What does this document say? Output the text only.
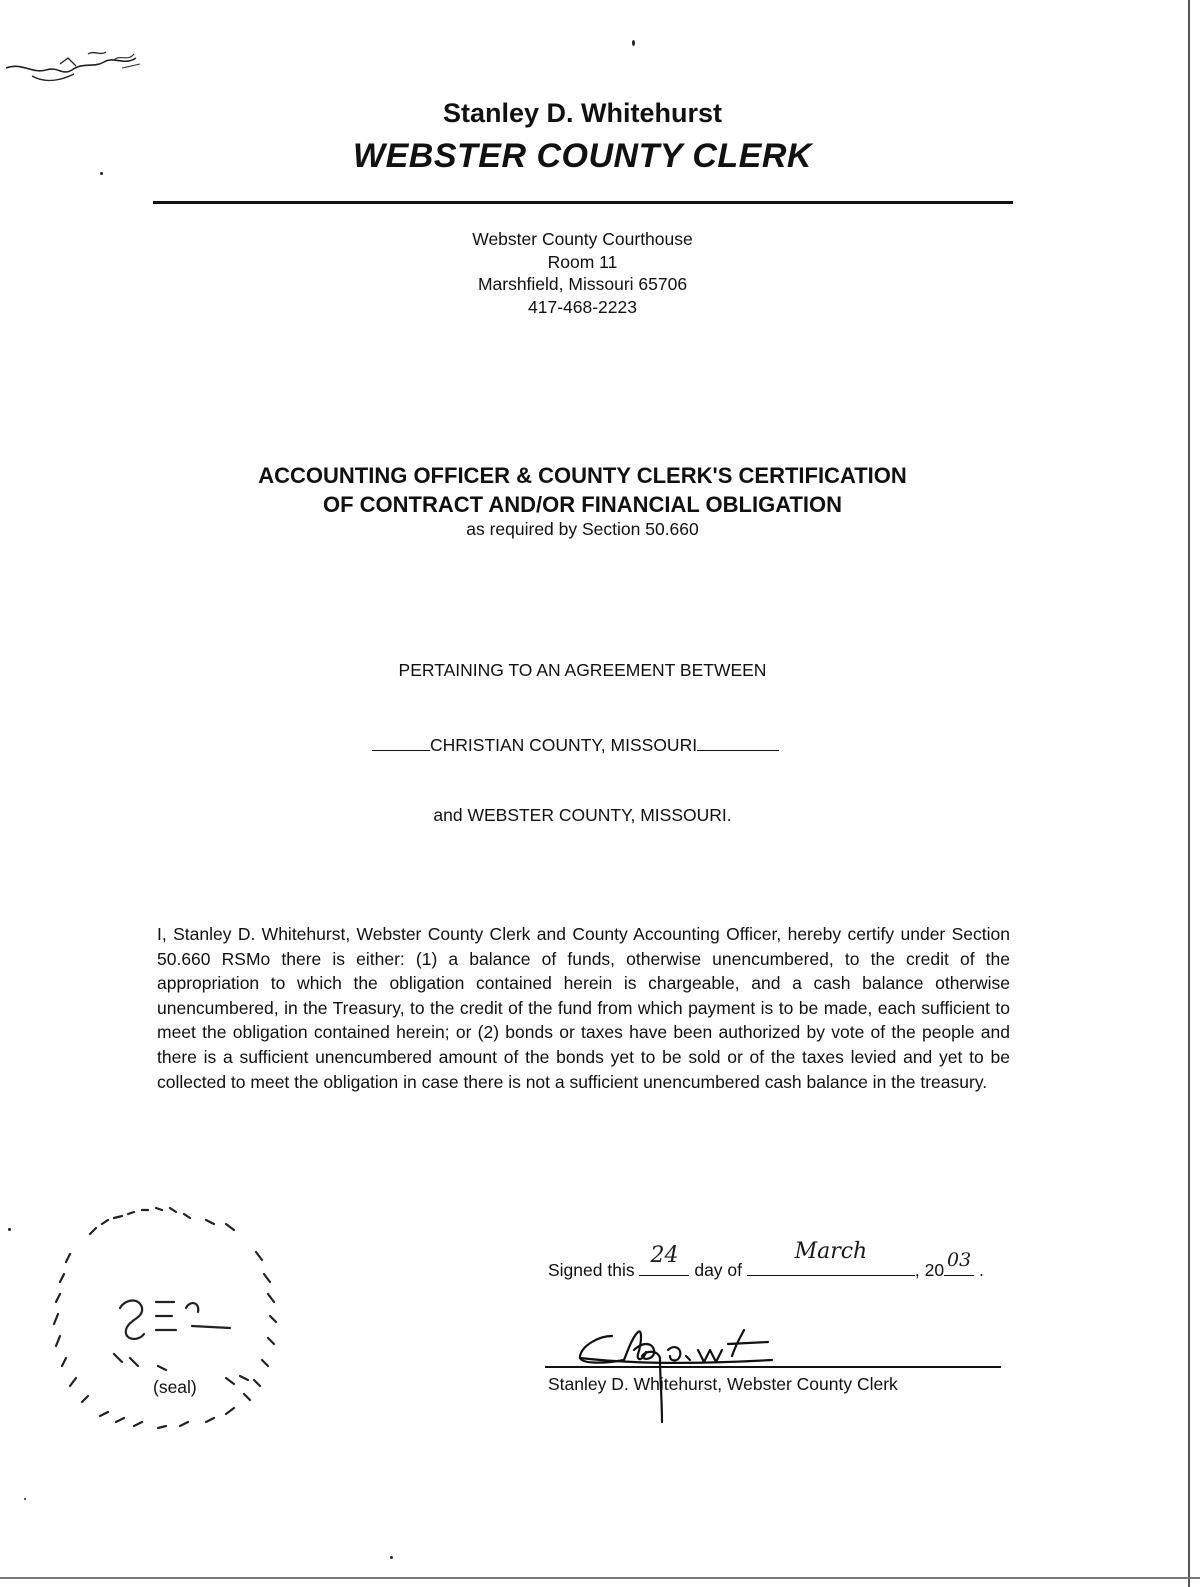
Stanley D. Whitehurst
WEBSTER COUNTY CLERK
Webster County Courthouse
Room 11
Marshfield, Missouri 65706
417-468-2223
ACCOUNTING OFFICER & COUNTY CLERK'S CERTIFICATION
OF CONTRACT AND/OR FINANCIAL OBLIGATION
as required by Section 50.660
PERTAINING TO AN AGREEMENT BETWEEN
CHRISTIAN COUNTY, MISSOURI
and WEBSTER COUNTY, MISSOURI.
I, Stanley D. Whitehurst, Webster County Clerk and County Accounting Officer, hereby certify under Section 50.660 RSMo there is either: (1) a balance of funds, otherwise unencumbered, to the credit of the appropriation to which the obligation contained herein is chargeable, and a cash balance otherwise unencumbered, in the Treasury, to the credit of the fund from which payment is to be made, each sufficient to meet the obligation contained herein; or (2) bonds or taxes have been authorized by vote of the people and there is a sufficient unencumbered amount of the bonds yet to be sold or of the taxes levied and yet to be collected to meet the obligation in case there is not a sufficient unencumbered cash balance in the treasury.
(seal)
Signed this
24
day of
March
, 20 03 .
Stanley D. Whitehurst, Webster County Clerk
